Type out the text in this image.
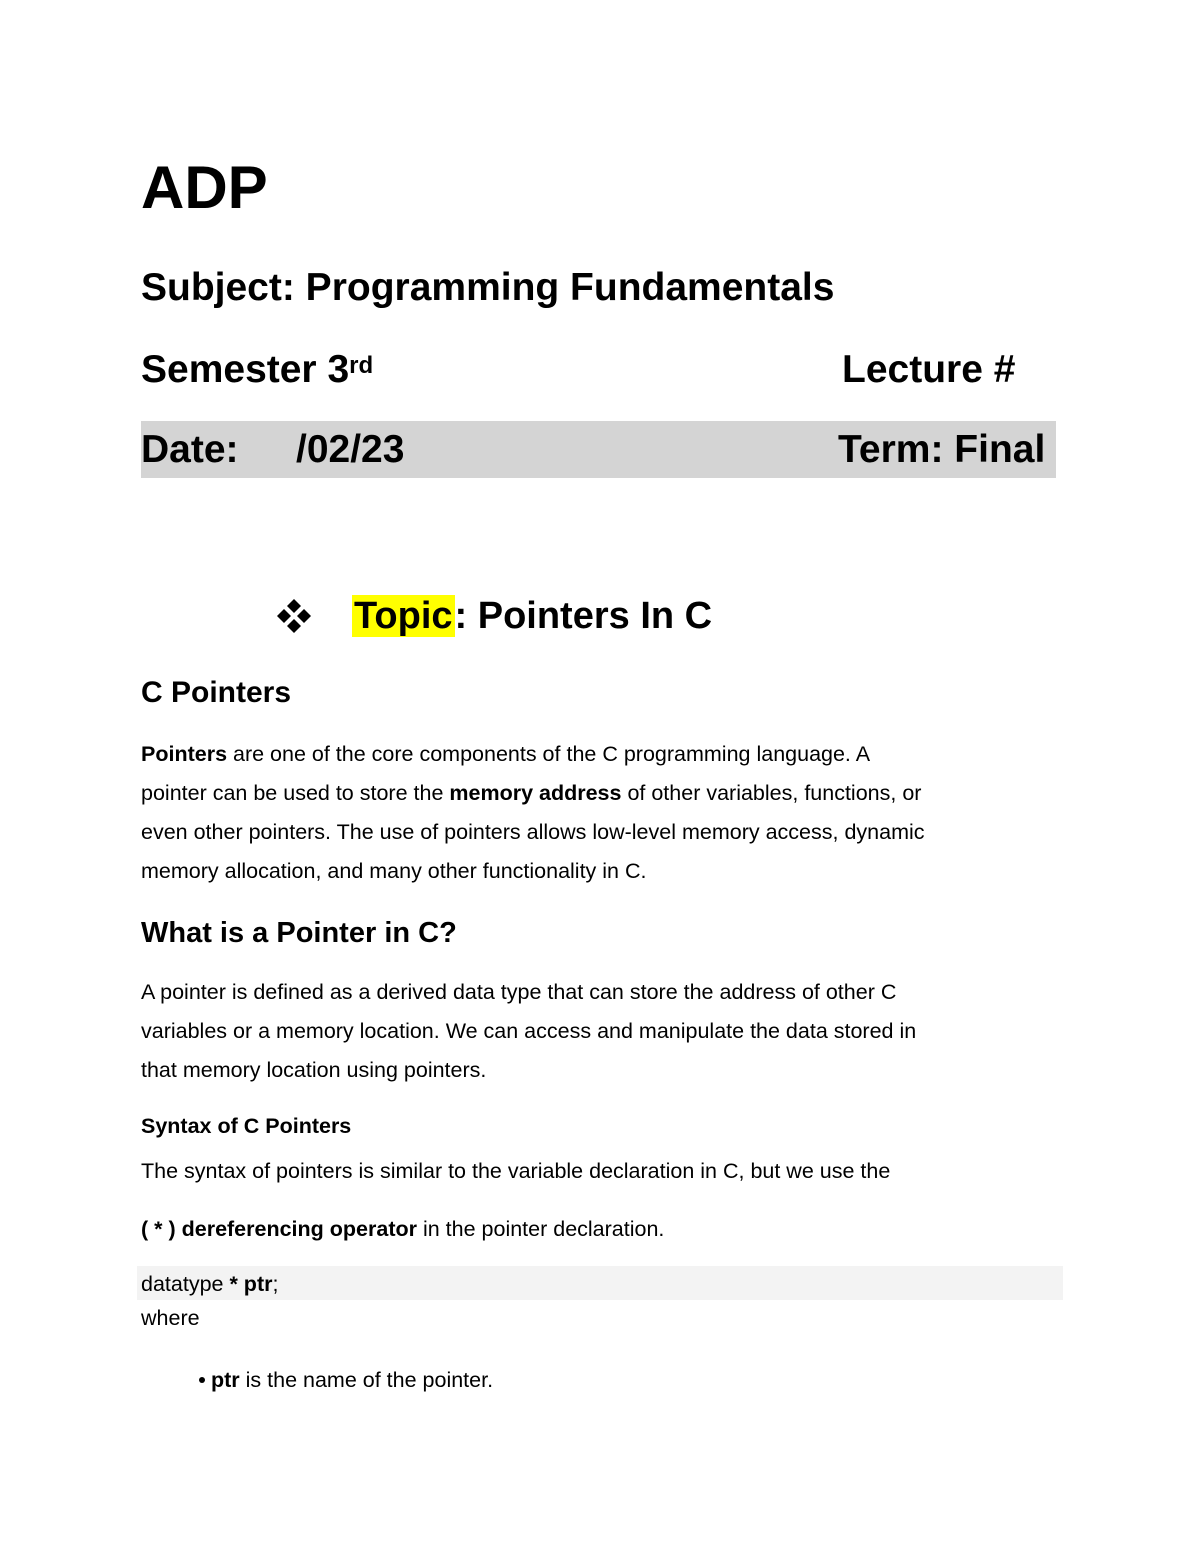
ADP
Subject: Programming Fundamentals
Semester 3rd	Lecture #
Date: /02/23	Term: Final
Topic: Pointers In C
C Pointers
Pointers are one of the core components of the C programming language. A
pointer can be used to store the memory address of other variables, functions, or
even other pointers. The use of pointers allows low-level memory access, dynamic
memory allocation, and many other functionality in C.
What is a Pointer in C?
A pointer is defined as a derived data type that can store the address of other C
variables or a memory location. We can access and manipulate the data stored in
that memory location using pointers.
Syntax of C Pointers
The syntax of pointers is similar to the variable declaration in C, but we use the
( * ) dereferencing operator in the pointer declaration.
datatype * ptr;
where
ptr is the name of the pointer.
